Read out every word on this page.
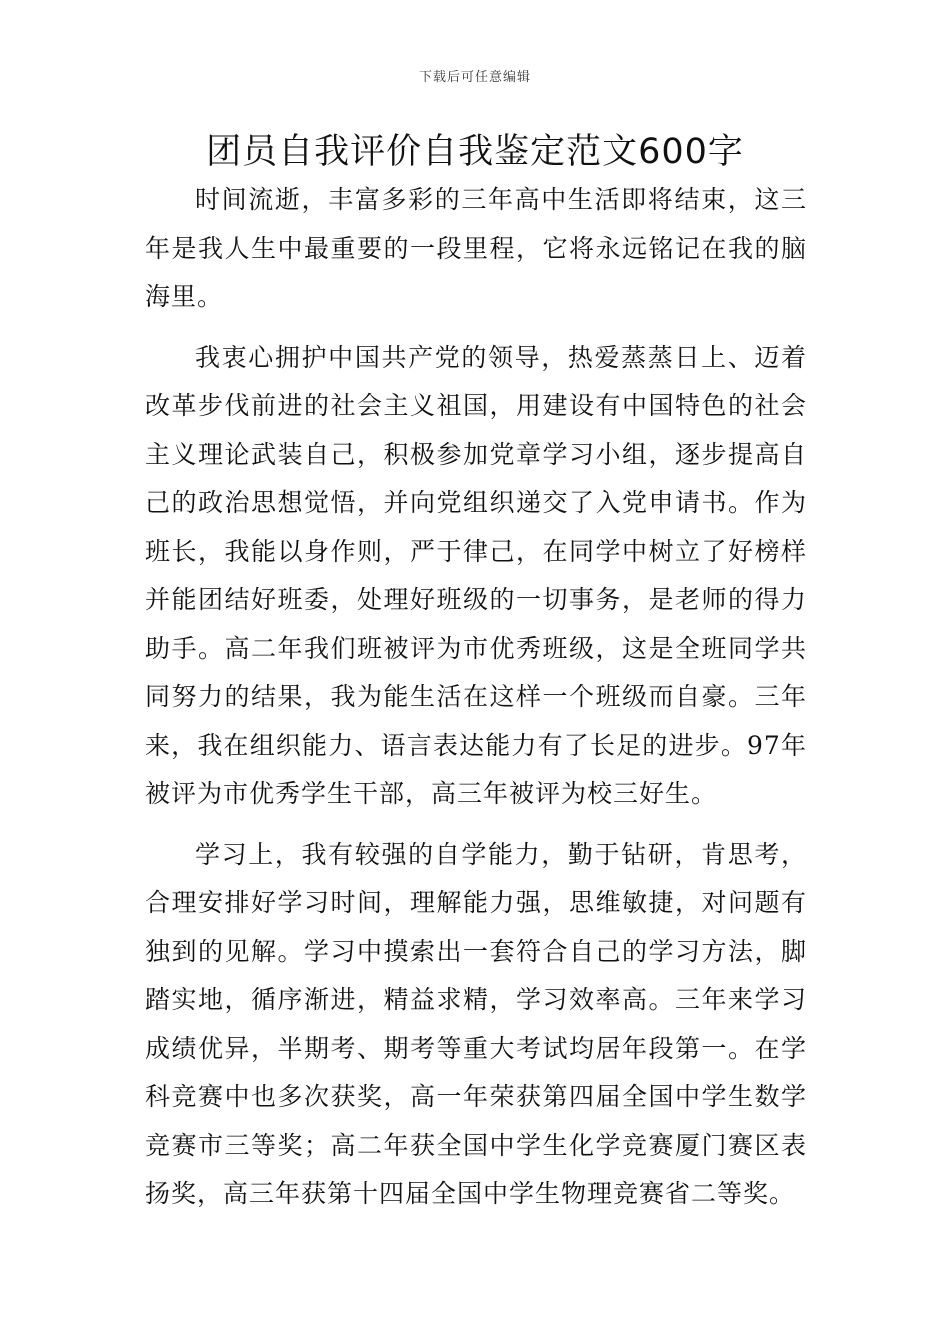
下载后可任意编辑
团员自我评价自我鉴定范文600字

时间流逝，丰富多彩的三年高中生活即将结束，这三年是我人生中最重要的一段里程，它将永远铭记在我的脑海里。

我衷心拥护中国共产党的领导，热爱蒸蒸日上、迈着改革步伐前进的社会主义祖国，用建设有中国特色的社会主义理论武装自己，积极参加党章学习小组，逐步提高自己的政治思想觉悟，并向党组织递交了入党申请书。作为班长，我能以身作则，严于律己，在同学中树立了好榜样并能团结好班委，处理好班级的一切事务，是老师的得力助手。高二年我们班被评为市优秀班级，这是全班同学共同努力的结果，我为能生活在这样一个班级而自豪。三年来，我在组织能力、语言表达能力有了长足的进步。97年被评为市优秀学生干部，高三年被评为校三好生。

学习上，我有较强的自学能力，勤于钻研，肯思考，合理安排好学习时间，理解能力强，思维敏捷，对问题有独到的见解。学习中摸索出一套符合自己的学习方法，脚踏实地，循序渐进，精益求精，学习效率高。三年来学习成绩优异，半期考、期考等重大考试均居年段第一。在学科竞赛中也多次获奖，高一年荣获第四届全国中学生数学竞赛市三等奖；高二年获全国中学生化学竞赛厦门赛区表扬奖，高三年获第十四届全国中学生物理竞赛省二等奖。
